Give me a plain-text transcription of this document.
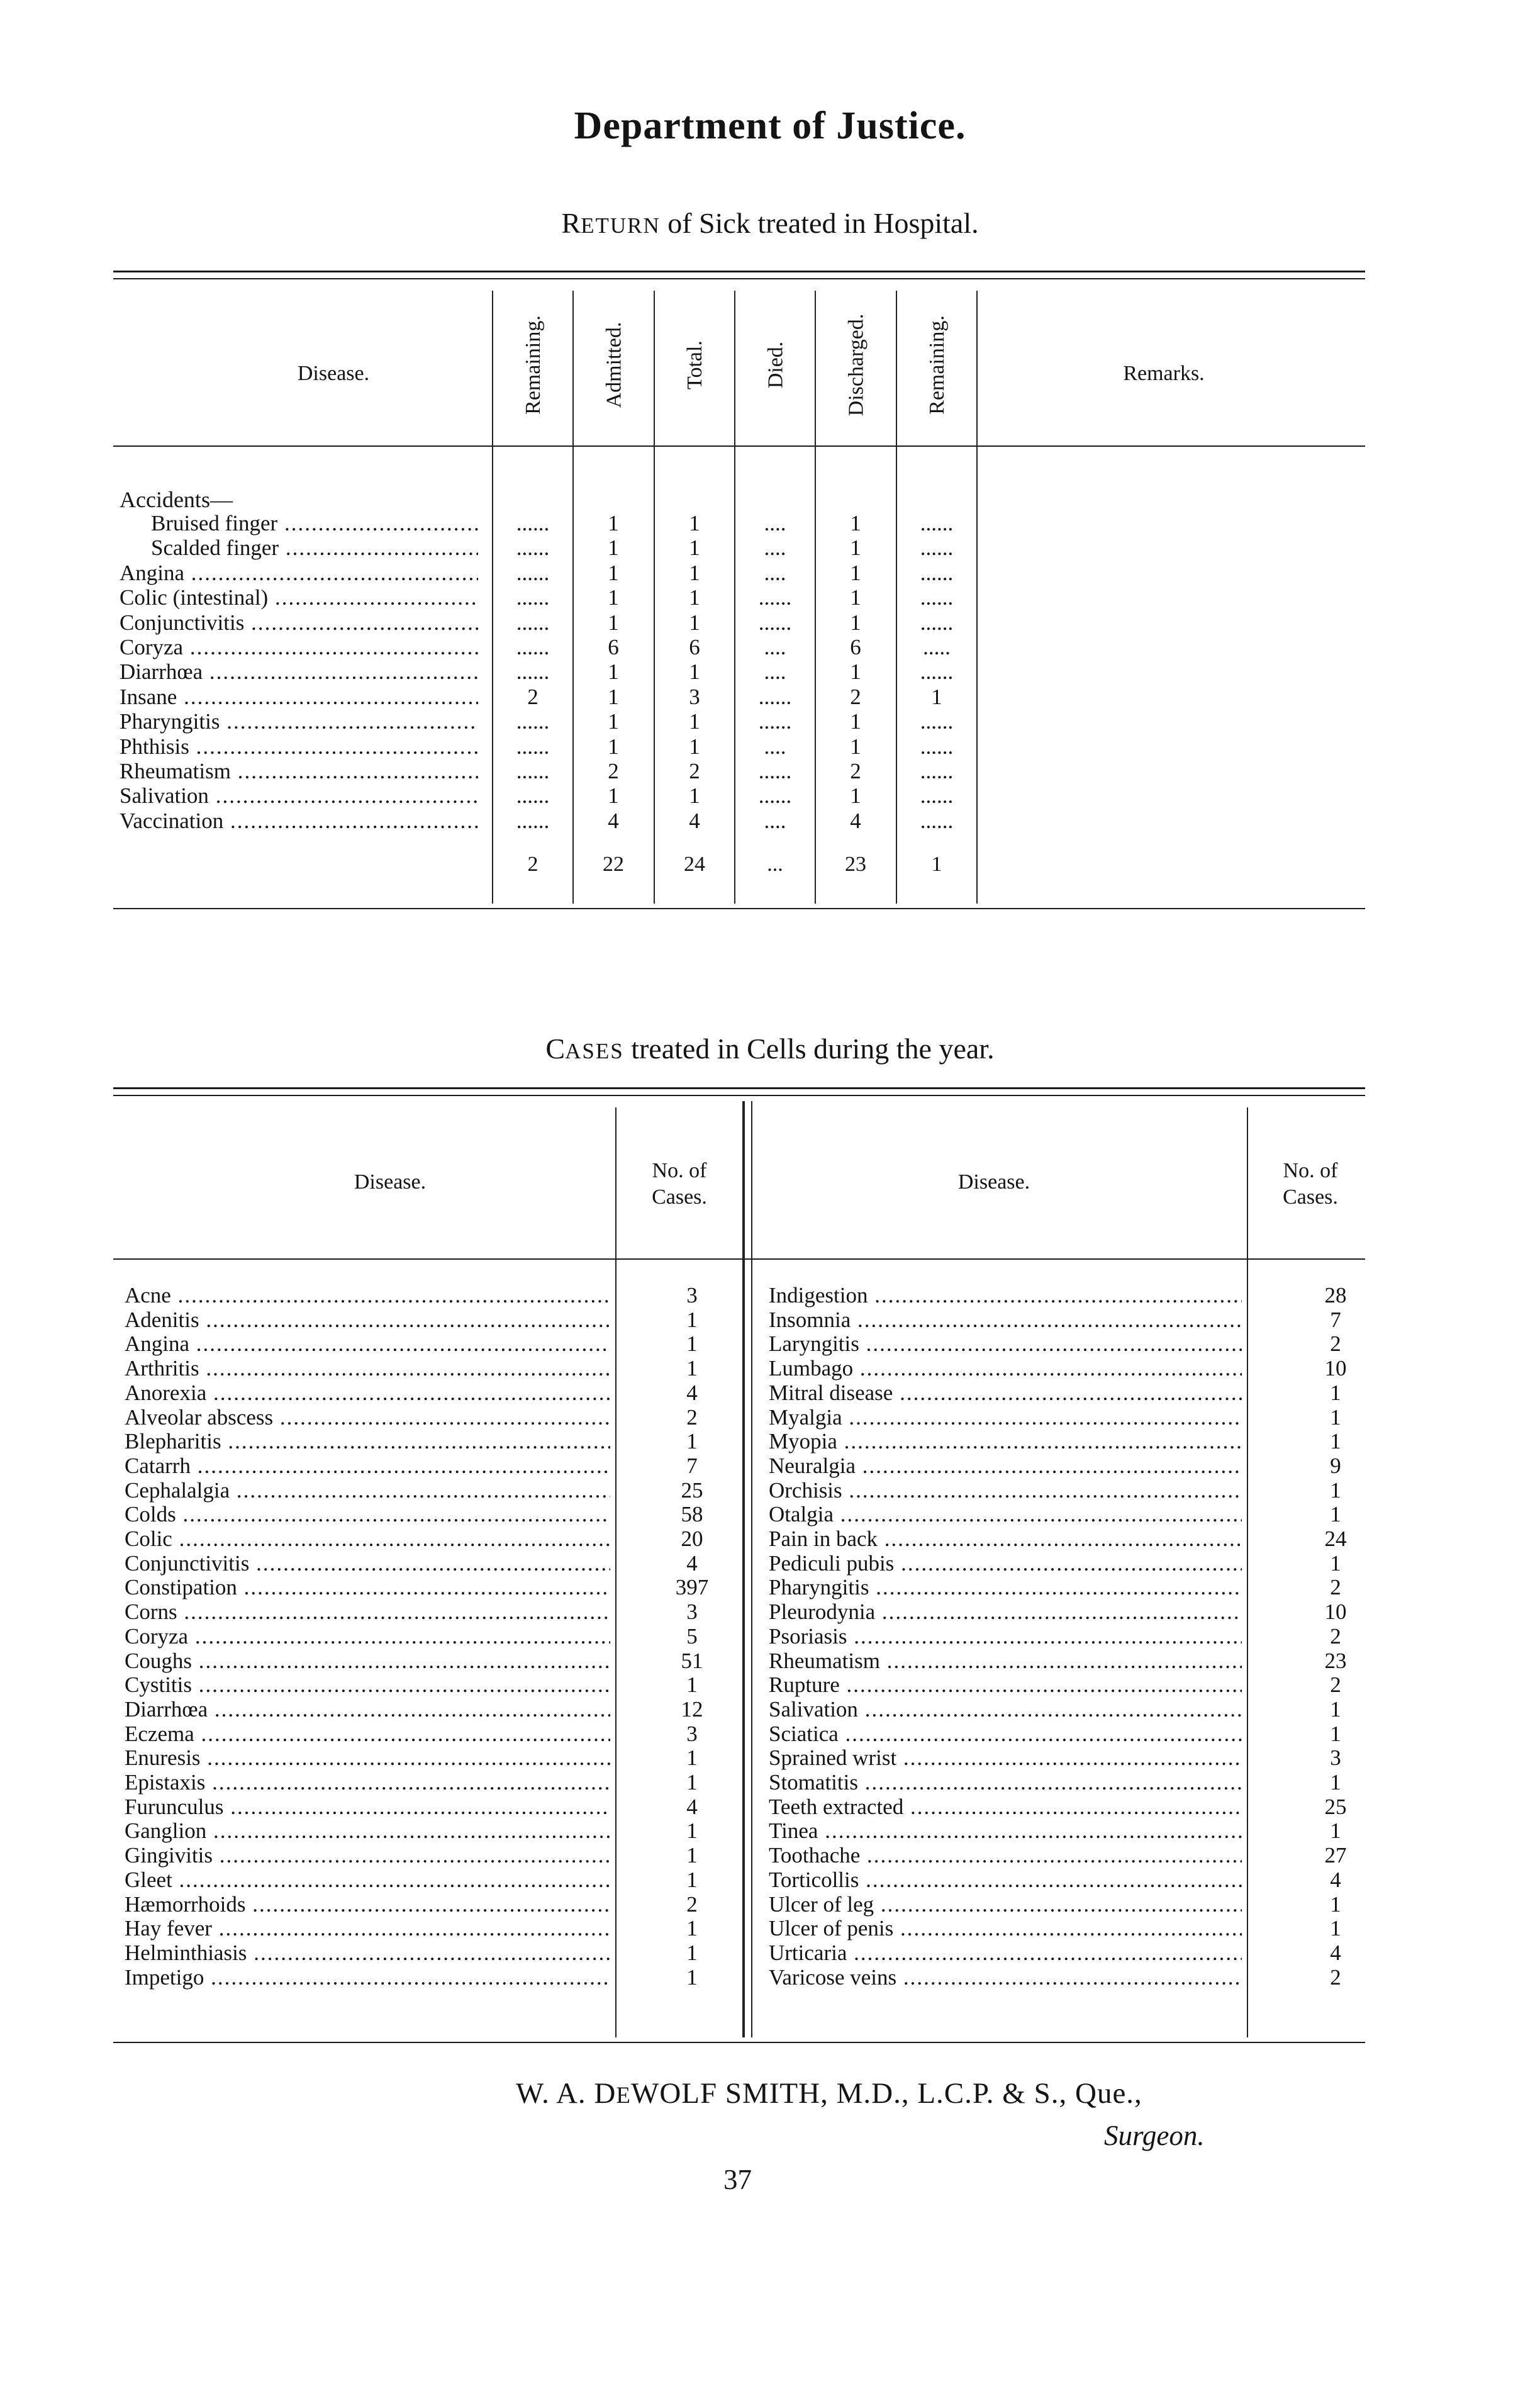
Department of Justice.
RETURN of Sick treated in Hospital.
Disease.	Remaining.	Admitted.	Total.	Died.	Discharged.	Remaining.	Remarks.
Accidents—
Bruised finger .....	......	1	1	....	1	......
Scalded finger .....	......	1	1	....	1	......
Angina .....	......	1	1	....	1	......
Colic (intestinal) .....	......	1	1	......	1	......
Conjunctivitis .....	......	1	1	......	1	......
Coryza .....	......	6	6	....	6	.....
Diarrhœa .....	......	1	1	....	1	......
Insane .....	2	1	3	......	2	1
Pharyngitis .....	......	1	1	......	1	......
Phthisis .....	......	1	1	....	1	......
Rheumatism .....	......	2	2	......	2	......
Salivation .....	......	1	1	......	1	......
Vaccination .....	......	4	4	....	4	......
2	22	24	...	23	1
CASES treated in Cells during the year.
Disease.	No. of
Cases.
Disease.	No. of
Cases.
Acne .....	3
Adenitis .....	1
Angina .....	1
Arthritis .....	1
Anorexia .....	4
Alveolar abscess .....	2
Blepharitis .....	1
Catarrh .....	7
Cephalalgia .....	25
Colds .....	58
Colic .....	20
Conjunctivitis .....	4
Constipation .....	397
Corns .....	3
Coryza .....	5
Coughs .....	51
Cystitis .....	1
Diarrhœa .....	12
Eczema .....	3
Enuresis .....	1
Epistaxis .....	1
Furunculus .....	4
Ganglion .....	1
Gingivitis .....	1
Gleet .....	1
Hæmorrhoids .....	2
Hay fever .....	1
Helminthiasis .....	1
Impetigo .....	1
Indigestion .....	28
Insomnia .....	7
Laryngitis .....	2
Lumbago .....	10
Mitral disease .....	1
Myalgia .....	1
Myopia .....	1
Neuralgia .....	9
Orchisis .....	1
Otalgia .....	1
Pain in back .....	24
Pediculi pubis .....	1
Pharyngitis .....	2
Pleurodynia .....	10
Psoriasis .....	2
Rheumatism .....	23
Rupture .....	2
Salivation .....	1
Sciatica .....	1
Sprained wrist .....	3
Stomatitis .....	1
Teeth extracted .....	25
Tinea .....	1
Toothache .....	27
Torticollis .....	4
Ulcer of leg .....	1
Ulcer of penis .....	1
Urticaria .....	4
Varicose veins .....	2
W. A. DEWOLF SMITH, M.D., L.C.P. & S., Que.,
Surgeon.
37
